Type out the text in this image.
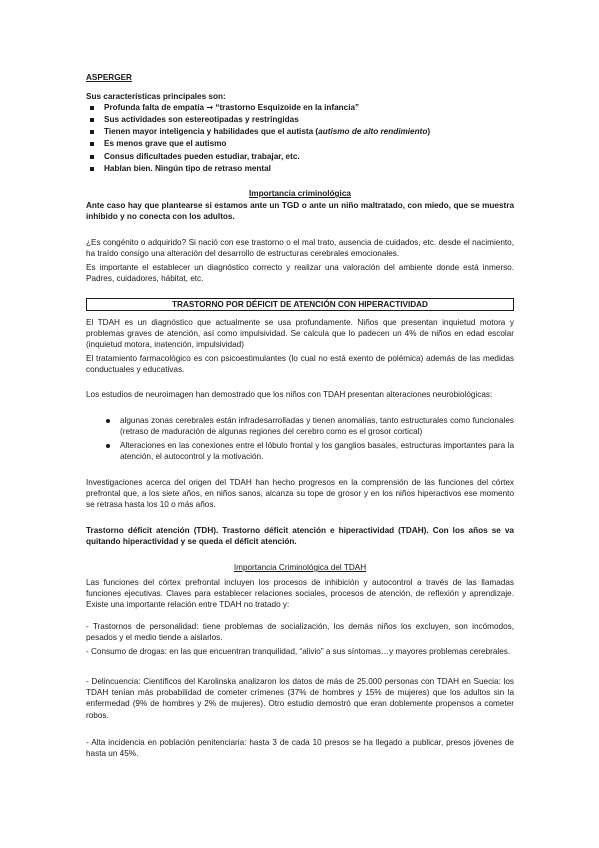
ASPERGER
Sus características principales son:
Profunda falta de empatía → “trastorno Esquizoide en la infancia”
Sus actividades son estereotipadas y restringidas
Tienen mayor inteligencia y habilidades que el autista (autismo de alto rendimiento)
Es menos grave que el autismo
Consus dificultades pueden estudiar, trabajar, etc.
Hablan bien. Ningún tipo de retraso mental
Importancia criminológica
Ante caso hay que plantearse si estamos ante un TGD o ante un niño maltratado, con miedo, que se muestra inhibido y no conecta con los adultos.
¿Es congénito o adquirido? Si nació con ese trastorno o el mal trato, ausencia de cuidados, etc. desde el nacimiento, ha traído consigo una alteración del desarrollo de estructuras cerebrales emocionales.
Es importante el establecer un diagnóstico correcto y realizar una valoración del ambiente donde está inmerso. Padres, cuidadores, hábitat, etc.
TRASTORNO POR DÉFICIT DE ATENCIÓN CON HIPERACTIVIDAD
El TDAH es un diagnóstico que actualmente se usa profundamente. Niños que presentan inquietud motora y problemas graves de atención, así como impulsividad. Se calcula que lo padecen un 4% de niños en edad escolar (inquietud motora, inatención, impulsividad)
El tratamiento farmacológico es con psicoestimulantes (lo cual no está exento de polémica) además de las medidas conductuales y educativas.
Los estudios de neuroimagen han demostrado que los niños con TDAH presentan alteraciones neurobiológicas:
algunas zonas cerebrales están infradesarrolladas y tienen anomalías, tanto estructurales como funcionales (retraso de maduración de algunas regiones del cerebro como es el grosor cortical)
Alteraciones en las conexiones entre el lóbulo frontal y los ganglios basales, estructuras importantes para la atención, el autocontrol y la motivación.
Investigaciones acerca del origen del TDAH han hecho progresos en la comprensión de las funciones del córtex prefrontal que, a los siete años, en niños sanos, alcanza su tope de grosor y en los niños hiperactivos ese momento se retrasa hasta los 10 o más años.
Trastorno déficit atención (TDH). Trastorno déficit atención e hiperactividad (TDAH). Con los años se va quitando hiperactividad y se queda el déficit atención.
Importancia Criminológica del TDAH
Las funciones del córtex prefrontal incluyen los procesos de inhibición y autocontrol a través de las llamadas funciones ejecutivas. Claves para establecer relaciones sociales, procesos de atención, de reflexión y aprendizaje. Existe una importante relación entre TDAH no tratado y:
- Trastornos de personalidad: tiene problemas de socialización, los demás niños los excluyen, son incómodos, pesados y el medio tiende a aislarlos.
- Consumo de drogas: en las que encuentran tranquilidad, “alivio” a sus síntomas…y mayores problemas cerebrales.
- Delincuencia: Científicos del Karolinska analizaron los datos de más de 25.000 personas con TDAH en Suecia: los TDAH tenían más probabilidad de cometer crímenes (37% de hombres y 15% de mujeres) que los adultos sin la enfermedad (9% de hombres y 2% de mujeres). Otro estudio demostró que eran doblemente propensos a cometer robos.
- Alta incidencia en población penitenciaria: hasta 3 de cada 10 presos se ha llegado a publicar, presos jóvenes de hasta un 45%.
